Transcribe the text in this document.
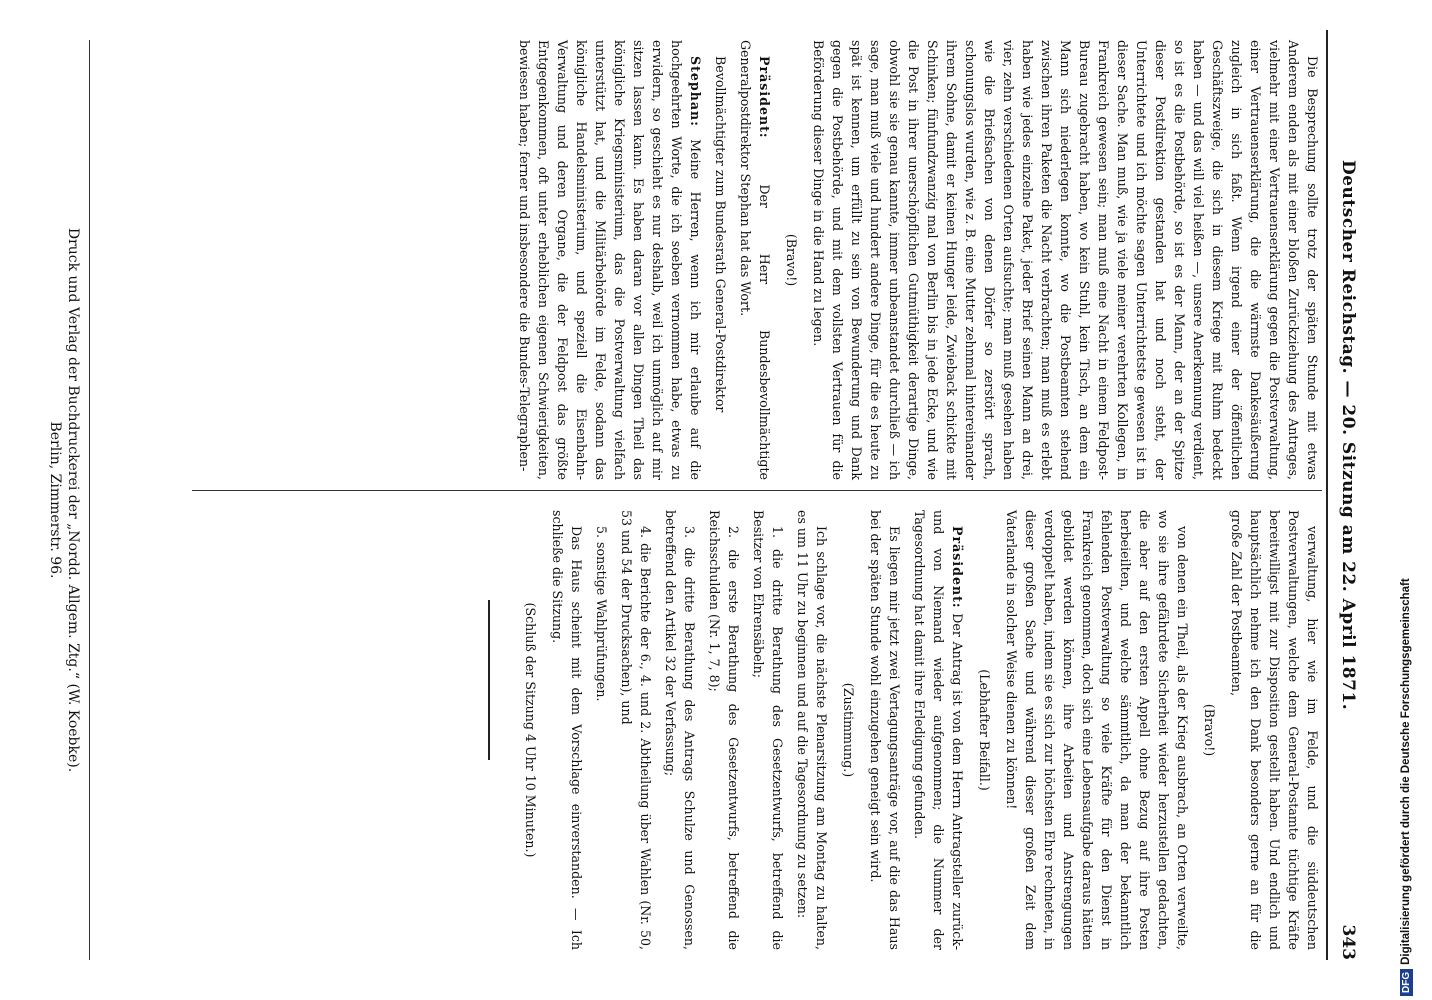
Deutscher Reichstag. — 20. Sitzung am 22. April 1871.
343

Die Besprechung sollte trotz der späten Stunde mit etwas Anderem enden als mit einer bloßen Zurückziehung des Antrages, vielmehr mit einer Vertrauenserklärung gegen die Postverwaltung, einer Vertrauenserklärung, die die wärmste Dankesäußerung zugleich in sich faßt. Wenn irgend einer der öffentlichen Geschäftszweige, die sich in diesem Kriege mit Ruhm bedeckt haben — und das will viel heißen —, unsere Anerkennung verdient, so ist es die Postbehörde, so ist es der Mann, der an der Spitze dieser Postdirektion gestanden hat und noch steht, der Unterrichtete und ich möchte sagen Unterrichtetste gewesen ist in dieser Sache. Man muß, wie ja viele meiner verehrten Kollegen, in Frankreich gewesen sein; man muß eine Nacht in einem Feldpost-Bureau zugebracht haben, wo kein Stuhl, kein Tisch, an dem ein Mann sich niederlegen konnte, wo die Postbeamten stehend zwischen ihren Paketen die Nacht verbrachten; man muß es erlebt haben wie jedes einzelne Paket, jeder Brief seinen Mann an drei, vier, zehn verschiedenen Orten aufsuchte; man muß gesehen haben wie die Briefsachen von denen Dörfer so zerstört sprach, schonungslos wurden, wie z. B. eine Mutter zehnmal hintereinander ihrem Sohne, damit er keinen Hunger leide, Zwieback schickte mit Schinken; fünfundzwanzig mal von Berlin bis in jede Ecke, und wie die Post in ihrer unerschöpflichen Gutmüthigkeit derartige Dinge, obwohl sie sie genau kannte, immer unbeanstandet durchließ — ich sage, man muß viele und hundert andere Dinge, für die es heute zu spät ist kennen, um erfüllt zu sein von Bewunderung und Dank gegen die Postbehörde, und mit dem vollsten Vertrauen für die Beförderung dieser Dinge in die Hand zu legen.

(Bravo!)

Präsident: Der Herr Bundesbevollmächtigte Generalpostdirektor Stephan hat das Wort.

Bevollmächtigter zum Bundesrath General-Postdirektor

Stephan: Meine Herren, wenn ich mir erlaube auf die hochgeehrten Worte, die ich soeben vernommen habe, etwas zu erwidern, so geschieht es nur deshalb, weil ich unmöglich auf mir sitzen lassen kann. Es haben daran vor allen Dingen Theil das königliche Kriegsministerium, das die Postverwaltung vielfach unterstützt hat, und die Militärbehörde im Felde, sodann das königliche Handelsministerium, und speziell die Eisenbahn-Verwaltung und deren Organe, die der Feldpost das größte Entgegenkommen, oft unter erheblichen eigenen Schwierigkeiten, bewiesen haben; ferner und insbesondere die Bundes-Telegraphen-

verwaltung, hier wie im Felde, und die süddeutschen Postverwaltungen, welche dem General-Postamte tüchtige Kräfte bereitwilligst mit zur Disposition gestellt haben. Und endlich und hauptsächlich nehme ich den Dank besonders gerne an für die große Zahl der Postbeamten,

(Bravo!)

von denen ein Theil, als der Krieg ausbrach, an Orten verweilte, wo sie ihre gefährdete Sicherheit wieder herzustellen gedachten, die aber auf den ersten Appell ohne Bezug auf ihre Posten herbeieilten, und welche sämmtlich, da man der bekanntlich fehlenden Postverwaltung so viele Kräfte für den Dienst in Frankreich genommen, doch sich eine Lebensaufgabe daraus hätten gebildet werden können, ihre Arbeiten und Anstrengungen verdoppelt haben, indem sie es sich zur höchsten Ehre rechneten, in dieser großen Sache und während dieser großen Zeit dem Vaterlande in solcher Weise dienen zu können!

(Lebhafter Beifall.)

Präsident: Der Antrag ist von dem Herrn Antragsteller zurück- und von Niemand wieder aufgenommen; die Nummer der Tagesordnung hat damit ihre Erledigung gefunden.

Es liegen mir jetzt zwei Vertagungsanträge vor, auf die das Haus bei der späten Stunde wohl einzugehen geneigt sein wird.

(Zustimmung.)

Ich schlage vor, die nächste Plenarsitzung am Montag zu halten, es um 11 Uhr zu beginnen und auf die Tagesordnung zu setzen:

1. die dritte Berathung des Gesetzentwurfs, betreffend die Besitzer von Ehrensäbeln;

2. die erste Berathung des Gesetzentwurfs, betreffend die Reichsschulden (Nr. 1, 7, 8);

3. die dritte Berathung des Antrags Schulze und Genossen, betreffend den Artikel 32 der Verfassung;

4. die Berichte der 6., 4. und 2. Abtheilung über Wahlen (Nr. 50, 53 und 54 der Drucksachen), und

5. sonstige Wahlprüfungen.

Das Haus scheint mit dem Vorschlage einverstanden. — Ich schließe die Sitzung.

(Schluß der Sitzung 4 Uhr 10 Minuten.)

Druck und Verlag der Buchdruckerei der „Nordd. Allgem. Ztg.“ (W. Koebke).
Berlin, Zimmerstr. 96.
DFGDigitalisierung gefördert durch die Deutsche Forschungsgemeinschaft
